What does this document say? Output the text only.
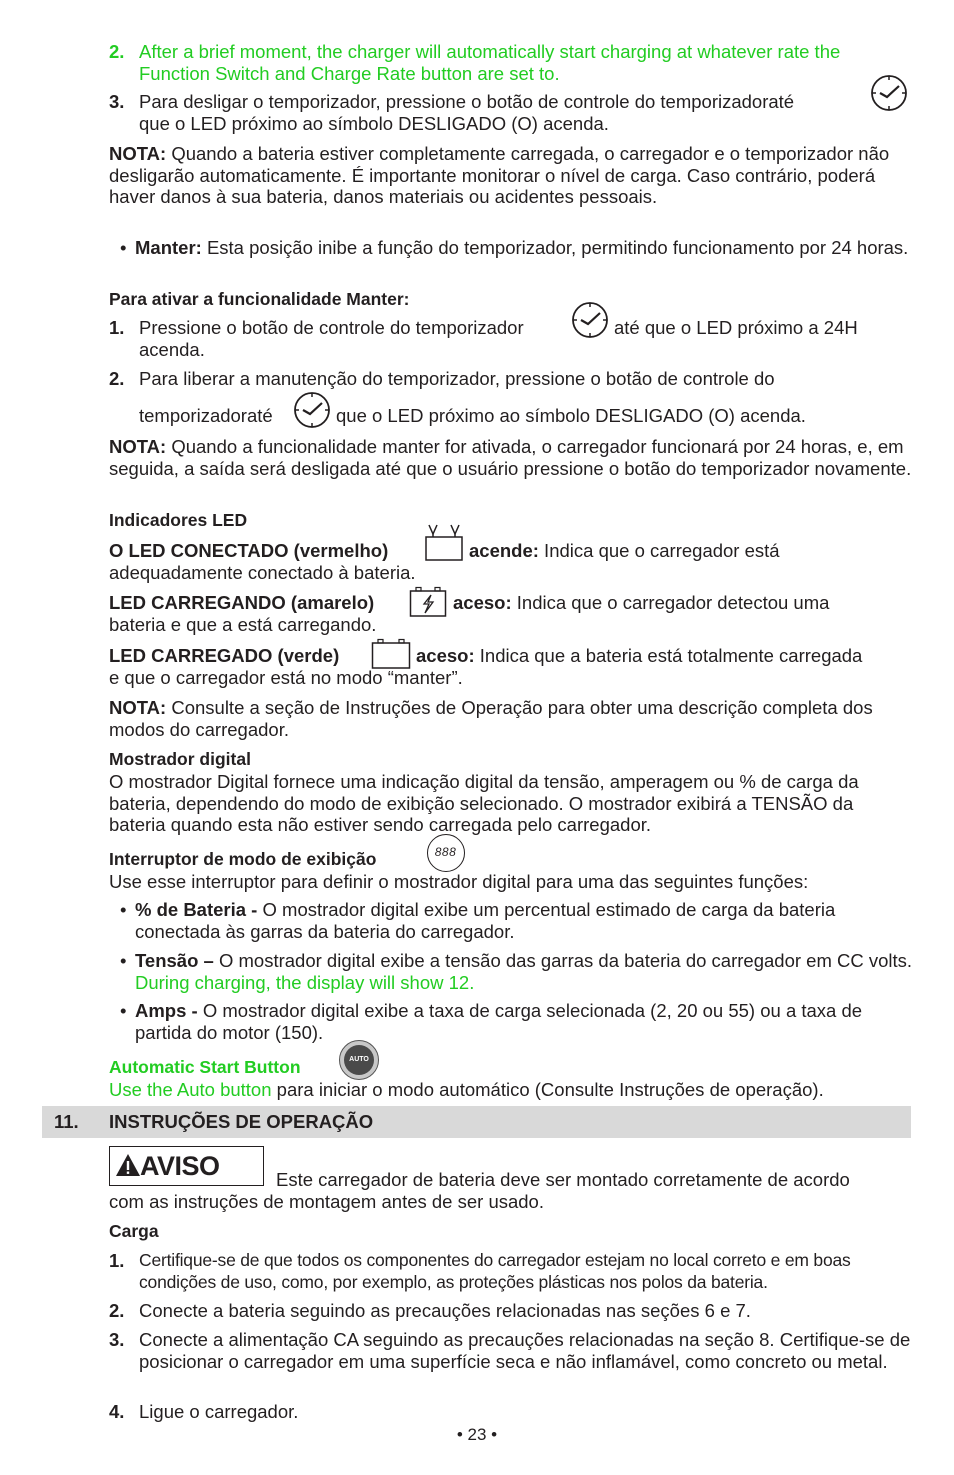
2. After a brief moment, the charger will automatically start charging at whatever rate the Function Switch and Charge Rate button are set to.
3. Para desligar o temporizador, pressione o botão de controle do temporizadoraté
que o LED próximo ao símbolo DESLIGADO (O) acenda.

NOTA: Quando a bateria estiver completamente carregada, o carregador e o temporizador não desligarão automaticamente. É importante monitorar o nível de carga. Caso contrário, poderá haver danos à sua bateria, danos materiais ou acidentes pessoais.

• Manter: Esta posição inibe a função do temporizador, permitindo funcionamento por 24 horas.
Para ativar a funcionalidade Manter:
1. Pressione o botão de controle do temporizador	até que o LED próximo a 24H
acenda.
2. Para liberar a manutenção do temporizador, pressione o botão de controle do
temporizadoraté	que o LED próximo ao símbolo DESLIGADO (O) acenda.

NOTA: Quando a funcionalidade manter for ativada, o carregador funcionará por 24 horas, e, em seguida, a saída será desligada até que o usuário pressione o botão do temporizador novamente.

Indicadores LED
O LED CONECTADO (vermelho)	acende: Indica que o carregador está
adequadamente conectado à bateria.
LED CARREGANDO (amarelo)	aceso: Indica que o carregador detectou uma
bateria e que a está carregando.
LED CARREGADO (verde)	aceso: Indica que a bateria está totalmente carregada
e que o carregador está no modo “manter”.

NOTA: Consulte a seção de Instruções de Operação para obter uma descrição completa dos modos do carregador.

Mostrador digital
O mostrador Digital fornece uma indicação digital da tensão, amperagem ou % de carga da bateria, dependendo do modo de exibição selecionado. O mostrador exibirá a TENSÃO da bateria quando esta não estiver sendo carregada pelo carregador.
Interruptor de modo de exibição	888
Use esse interruptor para definir o mostrador digital para uma das seguintes funções:
• % de Bateria - O mostrador digital exibe um percentual estimado de carga da bateria conectada às garras da bateria do carregador.
• Tensão – O mostrador digital exibe a tensão das garras da bateria do carregador em CC volts. During charging, the display will show 12.
• Amps - O mostrador digital exibe a taxa de carga selecionada (2, 20 ou 55) ou a taxa de partida do motor (150).
Automatic Start Button	AUTO
Use the Auto button para iniciar o modo automático (Consulte Instruções de operação).
11. INSTRUÇÕES DE OPERAÇÃO
AVISO	Este carregador de bateria deve ser montado corretamente de acordo
com as instruções de montagem antes de ser usado.
Carga
1. Certifique-se de que todos os componentes do carregador estejam no local correto e em boas condições de uso, como, por exemplo, as proteções plásticas nos polos da bateria.
2. Conecte a bateria seguindo as precauções relacionadas nas seções 6 e 7.
3. Conecte a alimentação CA seguindo as precauções relacionadas na seção 8. Certifique-se de posicionar o carregador em uma superfície seca e não inflamável, como concreto ou metal.
4. Ligue o carregador.
• 23 •
